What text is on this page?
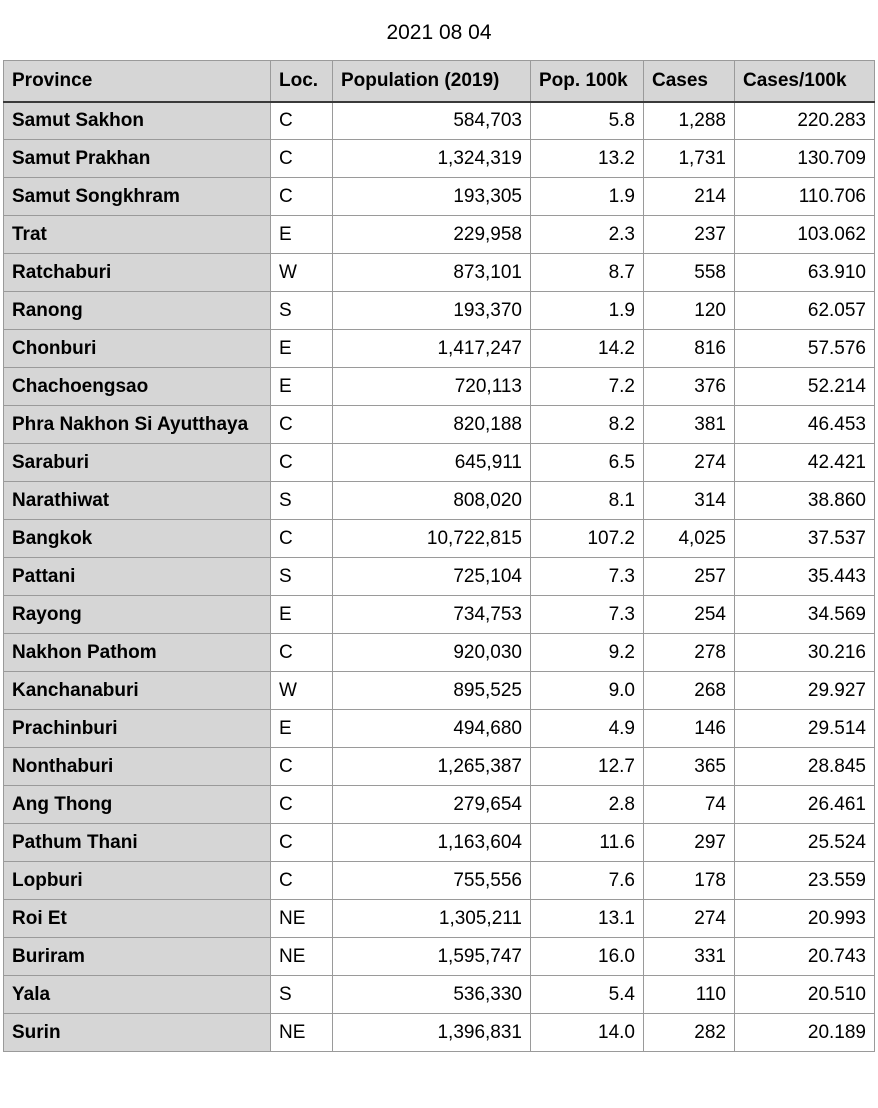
2021 08 04
Province	Loc.	Population (2019)	Pop. 100k	Cases	Cases/100k
Samut Sakhon	C	584,703	5.8	1,288	220.283
Samut Prakhan	C	1,324,319	13.2	1,731	130.709
Samut Songkhram	C	193,305	1.9	214	110.706
Trat	E	229,958	2.3	237	103.062
Ratchaburi	W	873,101	8.7	558	63.910
Ranong	S	193,370	1.9	120	62.057
Chonburi	E	1,417,247	14.2	816	57.576
Chachoengsao	E	720,113	7.2	376	52.214
Phra Nakhon Si Ayutthaya	C	820,188	8.2	381	46.453
Saraburi	C	645,911	6.5	274	42.421
Narathiwat	S	808,020	8.1	314	38.860
Bangkok	C	10,722,815	107.2	4,025	37.537
Pattani	S	725,104	7.3	257	35.443
Rayong	E	734,753	7.3	254	34.569
Nakhon Pathom	C	920,030	9.2	278	30.216
Kanchanaburi	W	895,525	9.0	268	29.927
Prachinburi	E	494,680	4.9	146	29.514
Nonthaburi	C	1,265,387	12.7	365	28.845
Ang Thong	C	279,654	2.8	74	26.461
Pathum Thani	C	1,163,604	11.6	297	25.524
Lopburi	C	755,556	7.6	178	23.559
Roi Et	NE	1,305,211	13.1	274	20.993
Buriram	NE	1,595,747	16.0	331	20.743
Yala	S	536,330	5.4	110	20.510
Surin	NE	1,396,831	14.0	282	20.189
